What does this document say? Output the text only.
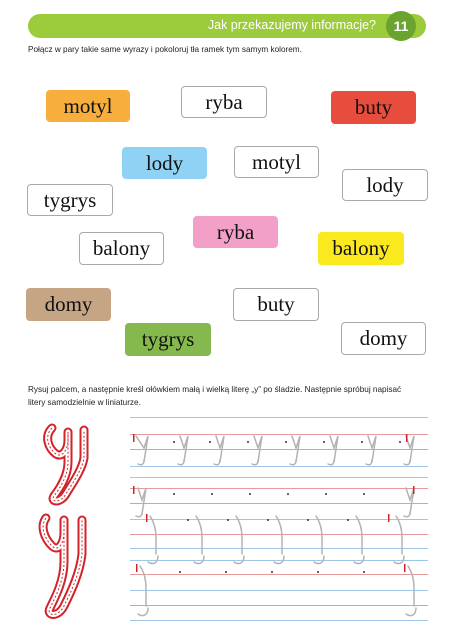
Jak przekazujemy informacje?	11
Połącz w pary takie same wyrazy i pokoloruj tła ramek tym samym kolorem.
motyl	ryba	buty
lody	motyl
lody
tygrys
ryba
balony	balony
domy	buty
tygrys	domy
Rysuj palcem, a następnie kreśl ołówkiem małą i wielką literę „y” po śladzie. Następnie spróbuj napisać
litery samodzielnie w liniaturze.
